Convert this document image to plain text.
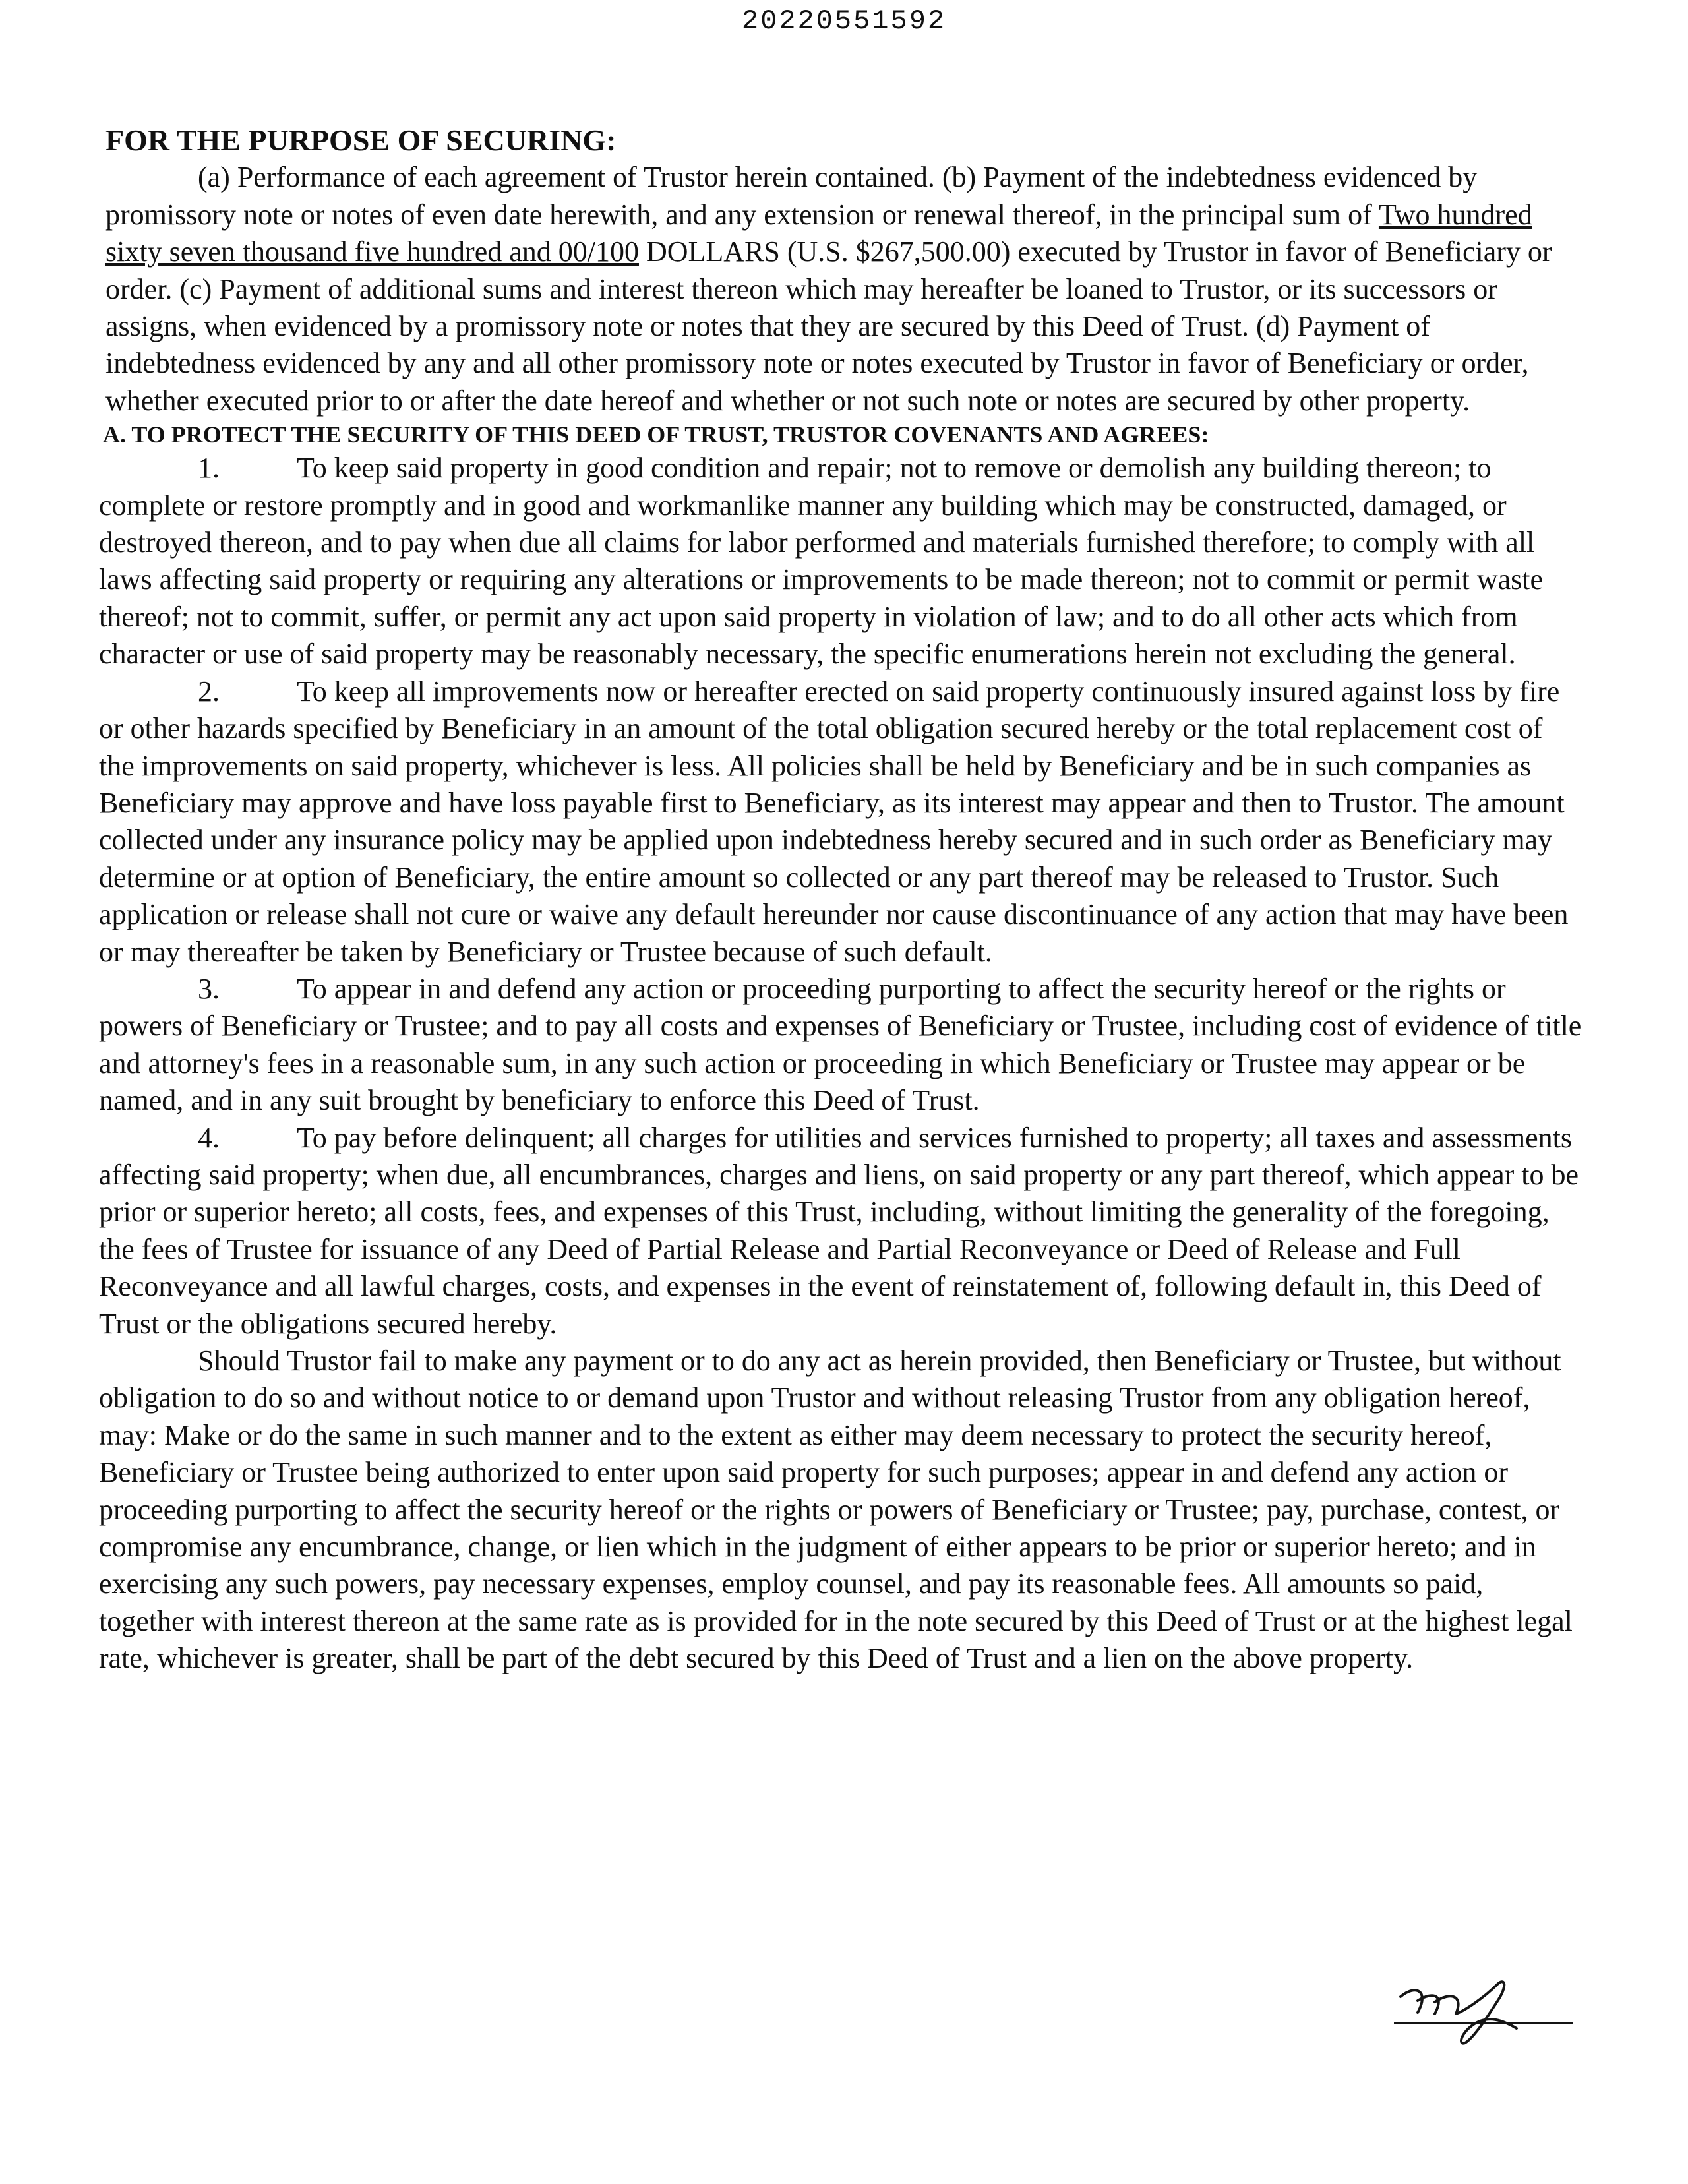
20220551592

FOR THE PURPOSE OF SECURING:

(a) Performance of each agreement of Trustor herein contained. (b) Payment of the indebtedness evidenced by promissory note or notes of even date herewith, and any extension or renewal thereof, in the principal sum of Two hundred sixty seven thousand five hundred and 00/100 DOLLARS (U.S. $267,500.00) executed by Trustor in favor of Beneficiary or order. (c) Payment of additional sums and interest thereon which may hereafter be loaned to Trustor, or its successors or assigns, when evidenced by a promissory note or notes that they are secured by this Deed of Trust. (d) Payment of indebtedness evidenced by any and all other promissory note or notes executed by Trustor in favor of Beneficiary or order, whether executed prior to or after the date hereof and whether or not such note or notes are secured by other property.

A. TO PROTECT THE SECURITY OF THIS DEED OF TRUST, TRUSTOR COVENANTS AND AGREES:

1.	To keep said property in good condition and repair; not to remove or demolish any building thereon; to complete or restore promptly and in good and workmanlike manner any building which may be constructed, damaged, or destroyed thereon, and to pay when due all claims for labor performed and materials furnished therefore; to comply with all laws affecting said property or requiring any alterations or improvements to be made thereon; not to commit or permit waste thereof; not to commit, suffer, or permit any act upon said property in violation of law; and to do all other acts which from character or use of said property may be reasonably necessary, the specific enumerations herein not excluding the general.

2.	To keep all improvements now or hereafter erected on said property continuously insured against loss by fire or other hazards specified by Beneficiary in an amount of the total obligation secured hereby or the total replacement cost of the improvements on said property, whichever is less. All policies shall be held by Beneficiary and be in such companies as Beneficiary may approve and have loss payable first to Beneficiary, as its interest may appear and then to Trustor. The amount collected under any insurance policy may be applied upon indebtedness hereby secured and in such order as Beneficiary may determine or at option of Beneficiary, the entire amount so collected or any part thereof may be released to Trustor. Such application or release shall not cure or waive any default hereunder nor cause discontinuance of any action that may have been or may thereafter be taken by Beneficiary or Trustee because of such default.

3.	To appear in and defend any action or proceeding purporting to affect the security hereof or the rights or powers of Beneficiary or Trustee; and to pay all costs and expenses of Beneficiary or Trustee, including cost of evidence of title and attorney's fees in a reasonable sum, in any such action or proceeding in which Beneficiary or Trustee may appear or be named, and in any suit brought by beneficiary to enforce this Deed of Trust.

4.	To pay before delinquent; all charges for utilities and services furnished to property; all taxes and assessments affecting said property; when due, all encumbrances, charges and liens, on said property or any part thereof, which appear to be prior or superior hereto; all costs, fees, and expenses of this Trust, including, without limiting the generality of the foregoing, the fees of Trustee for issuance of any Deed of Partial Release and Partial Reconveyance or Deed of Release and Full Reconveyance and all lawful charges, costs, and expenses in the event of reinstatement of, following default in, this Deed of Trust or the obligations secured hereby.

Should Trustor fail to make any payment or to do any act as herein provided, then Beneficiary or Trustee, but without obligation to do so and without notice to or demand upon Trustor and without releasing Trustor from any obligation hereof, may: Make or do the same in such manner and to the extent as either may deem necessary to protect the security hereof, Beneficiary or Trustee being authorized to enter upon said property for such purposes; appear in and defend any action or proceeding purporting to affect the security hereof or the rights or powers of Beneficiary or Trustee; pay, purchase, contest, or compromise any encumbrance, change, or lien which in the judgment of either appears to be prior or superior hereto; and in exercising any such powers, pay necessary expenses, employ counsel, and pay its reasonable fees. All amounts so paid, together with interest thereon at the same rate as is provided for in the note secured by this Deed of Trust or at the highest legal rate, whichever is greater, shall be part of the debt secured by this Deed of Trust and a lien on the above property.
